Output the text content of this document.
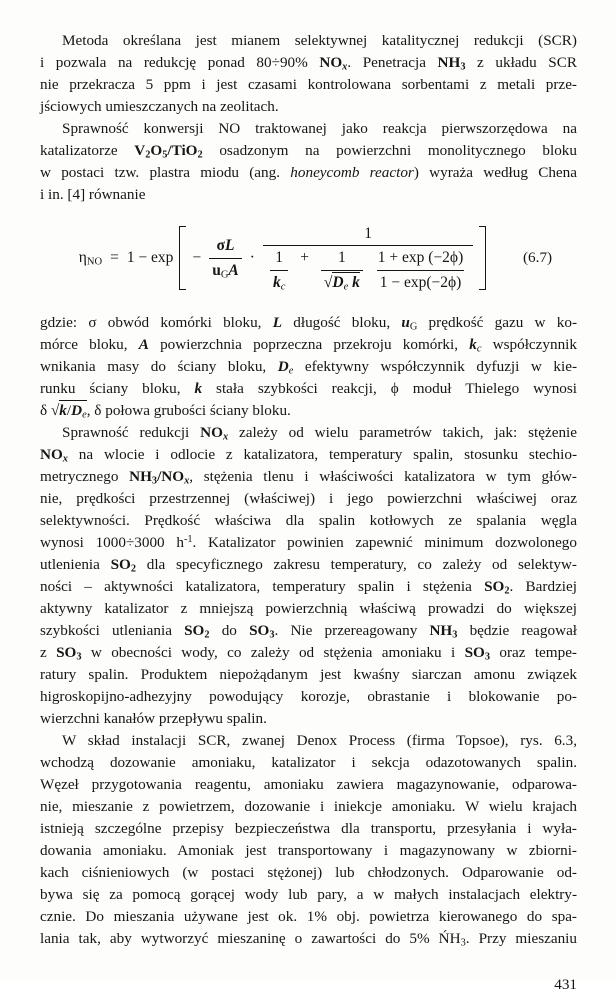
Metoda określana jest mianem selektywnej katalitycznej redukcji (SCR)
i pozwala na redukcję ponad 80÷90% $NO_x$. Penetracja $NH_3$ z układu SCR
nie przekracza 5 ppm i jest czasami kontrolowana sorbentami z metali prze-
jściowych umieszczanych na zeolitach.
Sprawność konwersji NO traktowanej jako reakcja pierwszorzędowa na
katalizatorze $V_2O_5/TiO_2$ osadzonym na powierzchni monolitycznego bloku
w postaci tzw. plastra miodu (ang. honeycomb reactor) wyraża według Chena
i in. [4] równanie
$\eta_{NO} = 1 - \exp - \frac{\sigma L}{u_GA}$ ·
1
$\frac{1}{k_c} + \frac{1}{√D_e k}$
$\frac{1 + \exp (-2\phi)}{1 - \exp(-2\phi)}$	(6.7)
gdzie: σ obwód komórki bloku, L długość bloku, $u_G$ prędkość gazu w ko-
mórce bloku, A powierzchnia poprzeczna przekroju komórki, $k_c$ współczynnik
wnikania masy do ściany bloku, $D_e$ efektywny współczynnik dyfuzji w kie-
runku ściany bloku, k stała szybkości reakcji, ϕ moduł Thielego wynosi
δ $√k/D_e$, δ połowa grubości ściany bloku.
Sprawność redukcji $NO_x$ zależy od wielu parametrów takich, jak: stężenie
$NO_x$ na wlocie i odlocie z katalizatora, temperatury spalin, stosunku stechio-
metrycznego $NH_3/NO_x$, stężenia tlenu i właściwości katalizatora w tym głów-
nie, prędkości przestrzennej (właściwej) i jego powierzchni właściwej oraz
selektywności. Prędkość właściwa dla spalin kotłowych ze spalania węgla
wynosi 1000÷3000 $h^{-1}$. Katalizator powinien zapewnić minimum dozwolonego
utlenienia $SO_2$ dla specyficznego zakresu temperatury, co zależy od selektyw-
ności – aktywności katalizatora, temperatury spalin i stężenia $SO_2$. Bardziej
aktywny katalizator z mniejszą powierzchnią właściwą prowadzi do większej
szybkości utleniania $SO_2$ do $SO_3$. Nie przereagowany $NH_3$ będzie reagował
z $SO_3$ w obecności wody, co zależy od stężenia amoniaku i $SO_3$ oraz tempe-
ratury spalin. Produktem niepożądanym jest kwaśny siarczan amonu związek
higroskopijno-adhezyjny powodujący korozje, obrastanie i blokowanie po-
wierzchni kanałów przepływu spalin.
W skład instalacji SCR, zwanej Denox Process (firma Topsoe), rys. 6.3,
wchodzą dozowanie amoniaku, katalizator i sekcja odazotowanych spalin.
Węzeł przygotowania reagentu, amoniaku zawiera magazynowanie, odparowa-
nie, mieszanie z powietrzem, dozowanie i iniekcje amoniaku. W wielu krajach
istnieją szczególne przepisy bezpieczeństwa dla transportu, przesyłania i wyła-
dowania amoniaku. Amoniak jest transportowany i magazynowany w zbiorni-
kach ciśnieniowych (w postaci stężonej) lub chłodzonych. Odparowanie od-
bywa się za pomocą gorącej wody lub pary, a w małych instalacjach elektry-
cznie. Do mieszania używane jest ok. 1% obj. powietrza kierowanego do spa-
lania tak, aby wytworzyć mieszaninę o zawartości do 5% $ŃH_3$. Przy mieszaniu
431
